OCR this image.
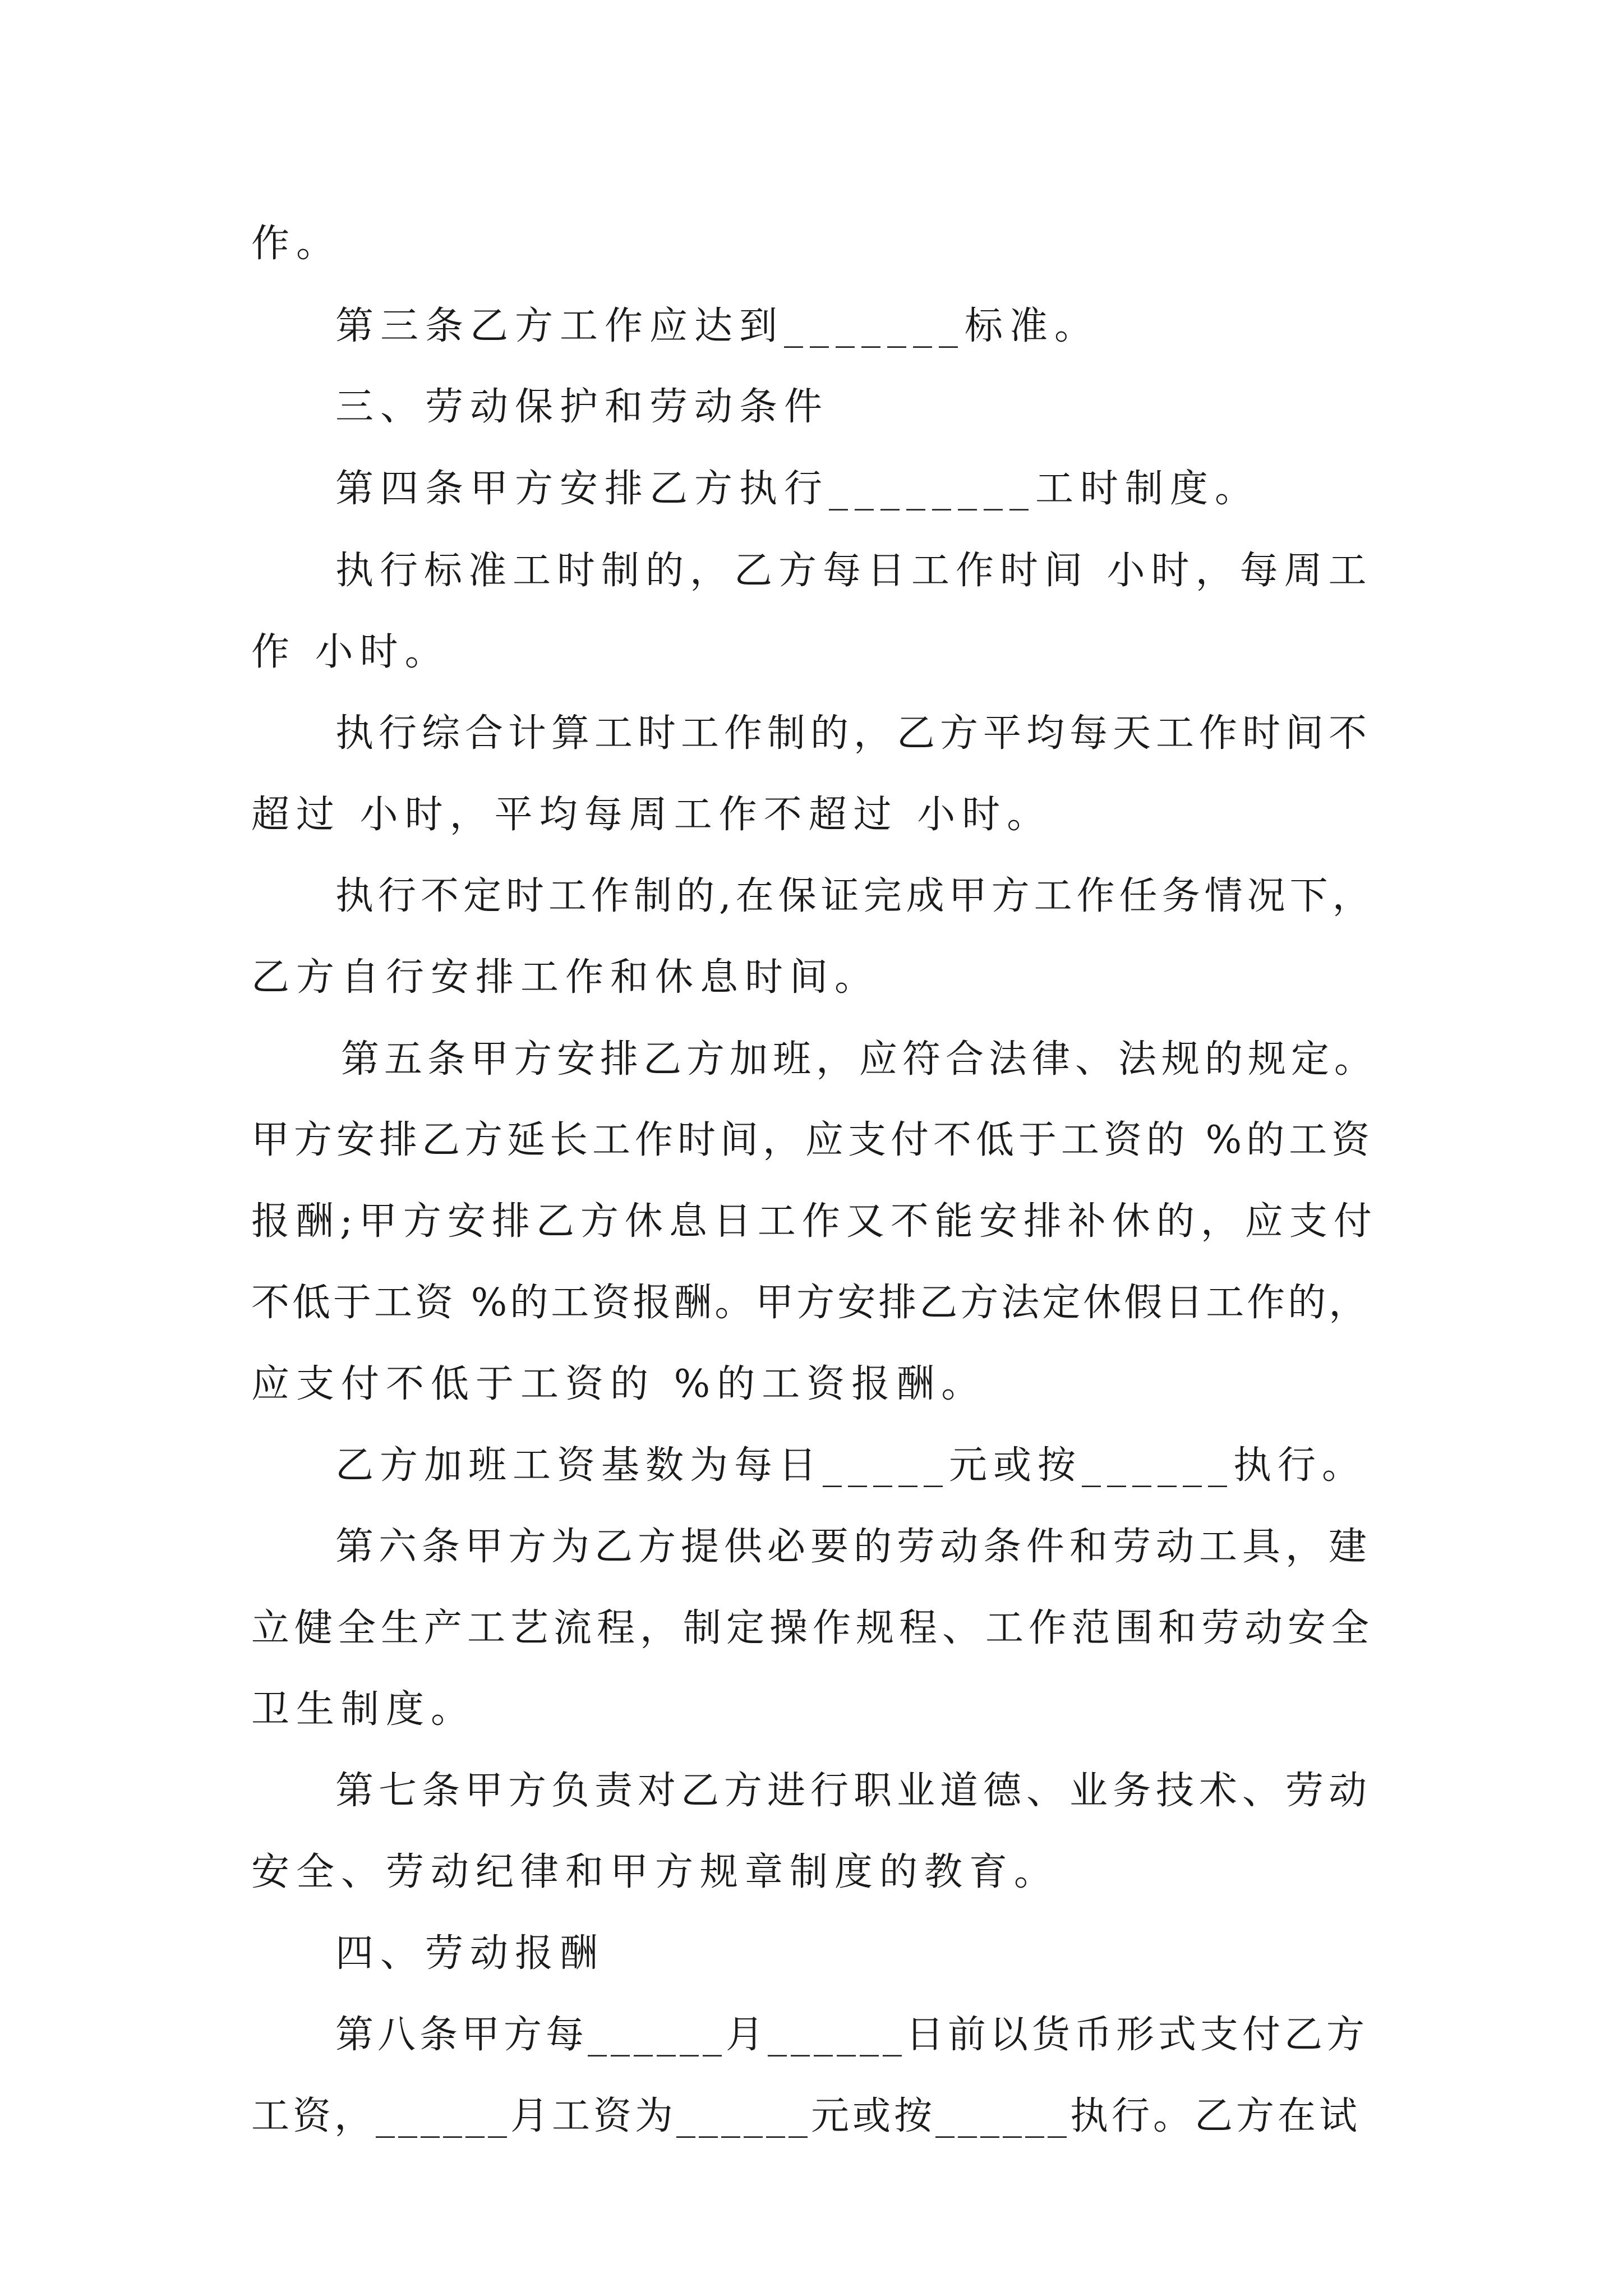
作。
第三条乙方工作应达到_______标准。
三、劳动保护和劳动条件
第四条甲方安排乙方执行________工时制度。
执行标准工时制的，乙方每日工作时间 小时，每周工
作 小时。
执行综合计算工时工作制的，乙方平均每天工作时间不
超过 小时，平均每周工作不超过 小时。
执行不定时工作制的,在保证完成甲方工作任务情况下，
乙方自行安排工作和休息时间。
第五条甲方安排乙方加班，应符合法律、法规的规定。
甲方安排乙方延长工作时间，应支付不低于工资的 %的工资
报酬;甲方安排乙方休息日工作又不能安排补休的，应支付
不低于工资 %的工资报酬。甲方安排乙方法定休假日工作的，
应支付不低于工资的 %的工资报酬。
乙方加班工资基数为每日_____元或按______执行。
第六条甲方为乙方提供必要的劳动条件和劳动工具，建
立健全生产工艺流程，制定操作规程、工作范围和劳动安全
卫生制度。
第七条甲方负责对乙方进行职业道德、业务技术、劳动
安全、劳动纪律和甲方规章制度的教育。
四、劳动报酬
第八条甲方每______月______日前以货币形式支付乙方
工资，______月工资为______元或按______执行。乙方在试
